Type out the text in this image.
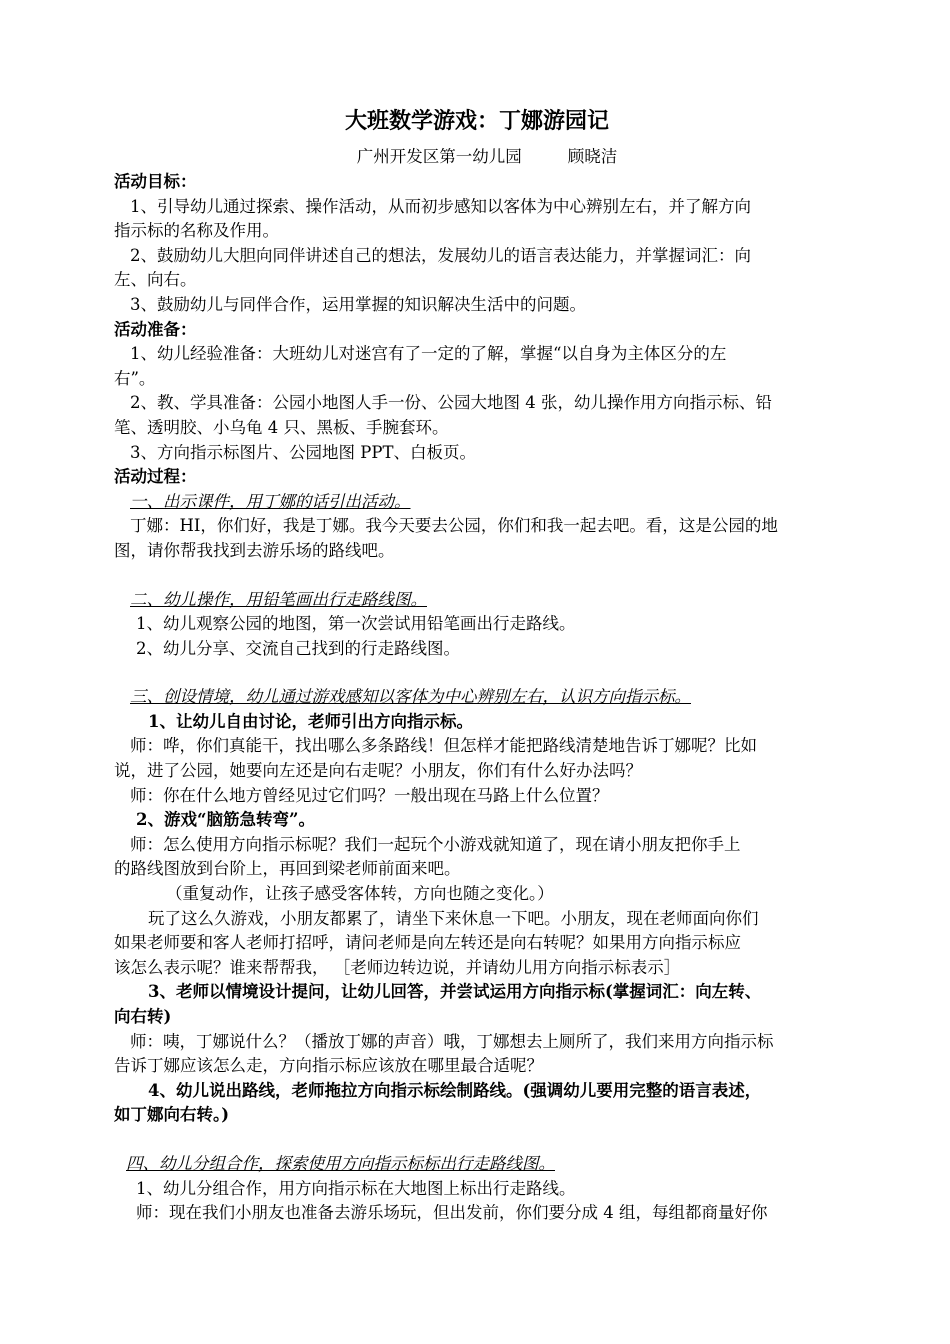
大班数学游戏：丁娜游园记
广州开发区第一幼儿园	顾晓洁
活动目标：
1、引导幼儿通过探索、操作活动，从而初步感知以客体为中心辨别左右，并了解方向
指示标的名称及作用。
2、鼓励幼儿大胆向同伴讲述自己的想法，发展幼儿的语言表达能力，并掌握词汇：向
左、向右。
3、鼓励幼儿与同伴合作，运用掌握的知识解决生活中的问题。
活动准备：
1、幼儿经验准备：大班幼儿对迷宫有了一定的了解，掌握“以自身为主体区分的左
右”。
2、教、学具准备：公园小地图人手一份、公园大地图 4 张，幼儿操作用方向指示标、铅
笔、透明胶、小乌龟 4 只、黑板、手腕套环。
3、方向指示标图片、公园地图 PPT、白板页。
活动过程：
一、出示课件，用丁娜的话引出活动。
丁娜：HI，你们好，我是丁娜。我今天要去公园，你们和我一起去吧。看，这是公园的地
图，请你帮我找到去游乐场的路线吧。
二、幼儿操作，用铅笔画出行走路线图。
1、幼儿观察公园的地图，第一次尝试用铅笔画出行走路线。
2、幼儿分享、交流自己找到的行走路线图。
三、创设情境，幼儿通过游戏感知以客体为中心辨别左右，认识方向指示标。
1、让幼儿自由讨论，老师引出方向指示标。
师：哗，你们真能干，找出哪么多条路线！但怎样才能把路线清楚地告诉丁娜呢？比如
说，进了公园，她要向左还是向右走呢？小朋友，你们有什么好办法吗？
师：你在什么地方曾经见过它们吗？一般出现在马路上什么位置？
2、游戏“脑筋急转弯”。
师：怎么使用方向指示标呢？我们一起玩个小游戏就知道了，现在请小朋友把你手上
的路线图放到台阶上，再回到梁老师前面来吧。
（重复动作，让孩子感受客体转，方向也随之变化。）
玩了这么久游戏，小朋友都累了，请坐下来休息一下吧。小朋友，现在老师面向你们
如果老师要和客人老师打招呼，请问老师是向左转还是向右转呢？如果用方向指示标应
该怎么表示呢？谁来帮帮我， ［老师边转边说，并请幼儿用方向指示标表示］
3、老师以情境设计提问，让幼儿回答，并尝试运用方向指示标(掌握词汇：向左转、
向右转)
师：咦，丁娜说什么？（播放丁娜的声音）哦，丁娜想去上厕所了，我们来用方向指示标
告诉丁娜应该怎么走，方向指示标应该放在哪里最合适呢？
4、幼儿说出路线，老师拖拉方向指示标绘制路线。(强调幼儿要用完整的语言表述，
如丁娜向右转。)
四、幼儿分组合作，探索使用方向指示标标出行走路线图。
1、幼儿分组合作，用方向指示标在大地图上标出行走路线。
师：现在我们小朋友也准备去游乐场玩，但出发前，你们要分成 4 组，每组都商量好你
